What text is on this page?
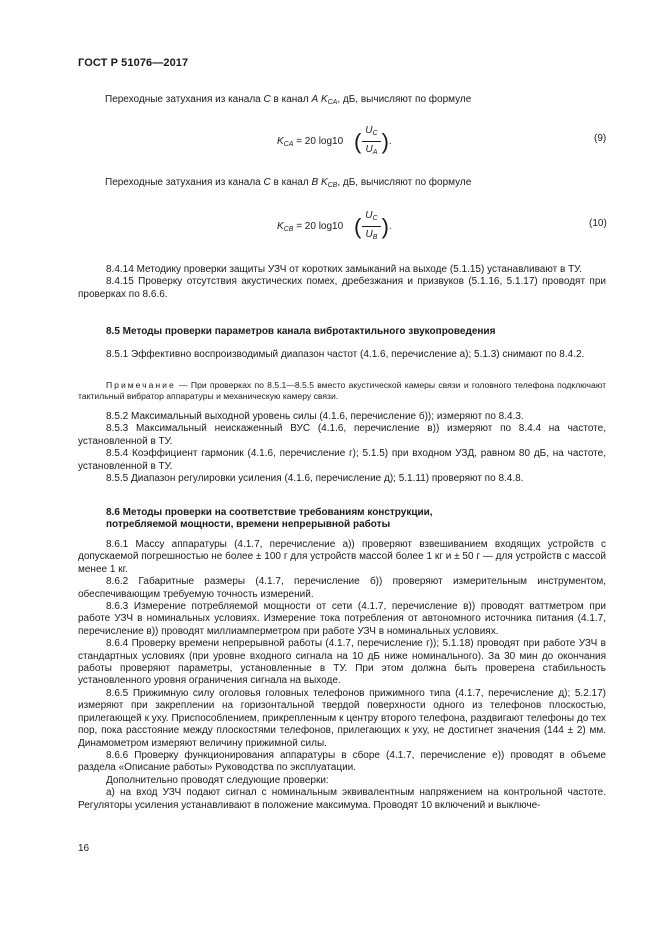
ГОСТ Р 51076—2017
Переходные затухания из канала C в канал A $K_{CA}$, дБ, вычисляют по формуле
$K_{CA} = 20$ log10 ( $\frac{U_C}{U_A}$ ).	(9)
Переходные затухания из канала C в канал B $K_{CB}$, дБ, вычисляют по формуле
$K_{CB} = 20$ log10 ( $\frac{U_C}{U_B}$ ).	(10)

8.4.14 Методику проверки защиты УЗЧ от коротких замыканий на выходе (5.1.15) устанавливают в ТУ.

8.4.15 Проверку отсутствия акустических помех, дребезжания и призвуков (5.1.16, 5.1.17) проводят при проверках по 8.6.6.

8.5 Методы проверки параметров канала вибротактильного звукопроведения

8.5.1 Эффективно воспроизводимый диапазон частот (4.1.6, перечисление а); 5.1.3) снимают по 8.4.2.

Примечание — При проверках по 8.5.1—8.5.5 вместо акустической камеры связи и головного телефона подключают тактильный вибратор аппаратуры и механическую камеру связи.

8.5.2 Максимальный выходной уровень силы (4.1.6, перечисление б)); измеряют по 8.4.3.

8.5.3 Максимальный неискаженный ВУС (4.1.6, перечисление в)) измеряют по 8.4.4 на частоте, установленной в ТУ.

8.5.4 Коэффициент гармоник (4.1.6, перечисление г); 5.1.5) при входном УЗД, равном 80 дБ, на частоте, установленной в ТУ.

8.5.5 Диапазон регулировки усиления (4.1.6, перечисление д); 5.1.11) проверяют по 8.4.8.

8.6 Методы проверки на соответствие требованиям конструкции,
потребляемой мощности, времени непрерывной работы

8.6.1 Массу аппаратуры (4.1.7, перечисление а)) проверяют взвешиванием входящих устройств с допускаемой погрешностью не более ± 100 г для устройств массой более 1 кг и ± 50 г — для устройств с массой менее 1 кг.

8.6.2 Габаритные размеры (4.1.7, перечисление б)) проверяют измерительным инструментом, обеспечивающим требуемую точность измерений.

8.6.3 Измерение потребляемой мощности от сети (4.1.7, перечисление в)) проводят ваттметром при работе УЗЧ в номинальных условиях. Измерение тока потребления от автономного источника питания (4.1.7, перечисление в)) проводят миллиамперметром при работе УЗЧ в номинальных условиях.

8.6.4 Проверку времени непрерывной работы (4.1.7, перечисление г)); 5.1.18) проводят при работе УЗЧ в стандартных условиях (при уровне входного сигнала на 10 дБ ниже номинального). За 30 мин до окончания работы проверяют параметры, установленные в ТУ. При этом должна быть проверена стабильность установленного уровня ограничения сигнала на выходе.

8.6.5 Прижимную силу оголовья головных телефонов прижимного типа (4.1.7, перечисление д); 5.2.17) измеряют при закреплении на горизонтальной твердой поверхности одного из телефонов плоскостью, прилегающей к уху. Приспособлением, прикрепленным к центру второго телефона, раздвигают телефоны до тех пор, пока расстояние между плоскостями телефонов, прилегающих к уху, не достигнет значения (144 ± 2) мм. Динамометром измеряют величину прижимной силы.

8.6.6 Проверку функционирования аппаратуры в сборе (4.1.7, перечисление е)) проводят в объеме раздела «Описание работы» Руководства по эксплуатации.

Дополнительно проводят следующие проверки:

а) на вход УЗЧ подают сигнал с номинальным эквивалентным напряжением на контрольной частоте. Регуляторы усиления устанавливают в положение максимума. Проводят 10 включений и выключе-

16
